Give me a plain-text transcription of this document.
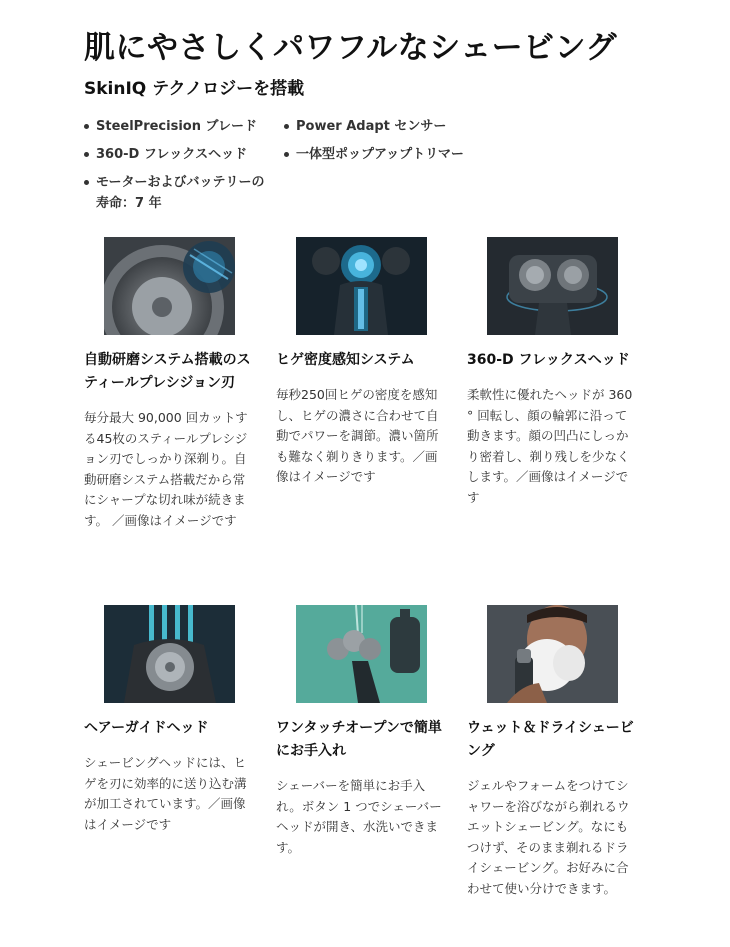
肌にやさしくパワフルなシェービング
SkinIQ テクノロジーを搭載
SteelPrecision ブレード	Power Adapt センサー
360-D フレックスヘッド	一体型ポップアップトリマー
モーターおよびバッテリーの寿命：7 年
自動研磨システム搭載のスティールプレシジョン刃

毎分最大 90,000 回カットする45枚のスティールプレシジョン刃でしっかり深剃り。自動研磨システム搭載だから常にシャープな切れ味が続きます。 ／画像はイメージです

ヒゲ密度感知システム

毎秒250回ヒゲの密度を感知し、ヒゲの濃さに合わせて自動でパワーを調節。濃い箇所も難なく剃りきります。／画像はイメージです

360-D フレックスヘッド

柔軟性に優れたヘッドが 360 ° 回転し、顔の輪郭に沿って動きます。顔の凹凸にしっかり密着し、剃り残しを少なくします。／画像はイメージです

ヘアーガイドヘッド

シェービングヘッドには、ヒゲを刃に効率的に送り込む溝が加工されています。／画像はイメージです

ワンタッチオープンで簡単にお手入れ

シェーバーを簡単にお手入れ。ボタン 1 つでシェーバーヘッドが開き、水洗いできます。

ウェット＆ドライシェービング

ジェルやフォームをつけてシャワーを浴びながら剃れるウエットシェービング。なにもつけず、そのまま剃れるドライシェービング。お好みに合わせて使い分けできます。
